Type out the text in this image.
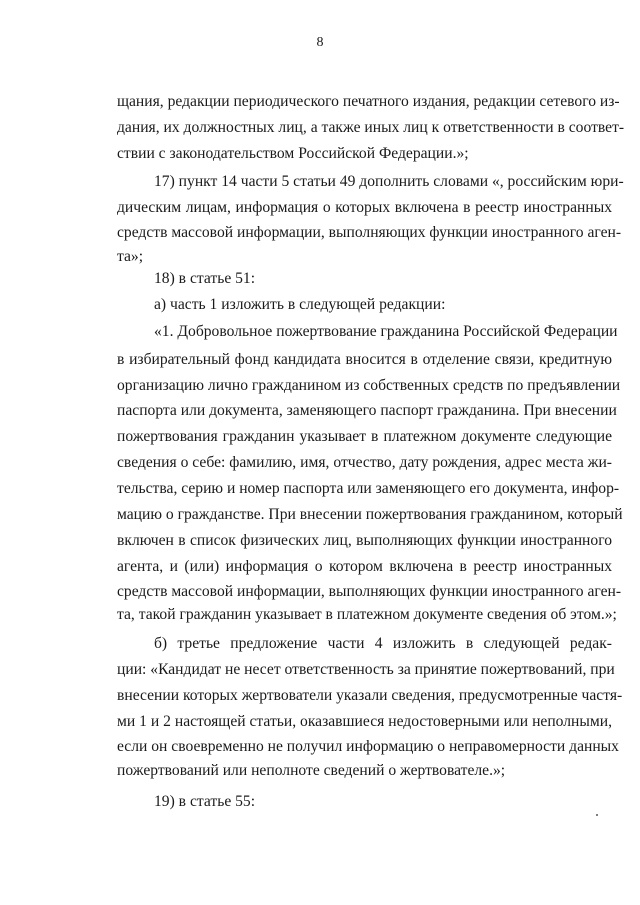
8
щания, редакции периодического печатного издания, редакции сетевого из-
дания, их должностных лиц, а также иных лиц к ответственности в соответ-
ствии с законодательством Российской Федерации.»;
17) пункт 14 части 5 статьи 49 дополнить словами «, российским юри-
дическим лицам, информация о которых включена в реестр иностранных
средств массовой информации, выполняющих функции иностранного аген-
та»;
18) в статье 51:
а) часть 1 изложить в следующей редакции:
«1. Добровольное пожертвование гражданина Российской Федерации
в избирательный фонд кандидата вносится в отделение связи, кредитную
организацию лично гражданином из собственных средств по предъявлении
паспорта или документа, заменяющего паспорт гражданина. При внесении
пожертвования гражданин указывает в платежном документе следующие
сведения о себе: фамилию, имя, отчество, дату рождения, адрес места жи-
тельства, серию и номер паспорта или заменяющего его документа, инфор-
мацию о гражданстве. При внесении пожертвования гражданином, который
включен в список физических лиц, выполняющих функции иностранного
агента, и (или) информация о котором включена в реестр иностранных
средств массовой информации, выполняющих функции иностранного аген-
та, такой гражданин указывает в платежном документе сведения об этом.»;
б) третье предложение части 4 изложить в следующей редак-
ции: «Кандидат не несет ответственность за принятие пожертвований, при
внесении которых жертвователи указали сведения, предусмотренные частя-
ми 1 и 2 настоящей статьи, оказавшиеся недостоверными или неполными,
если он своевременно не получил информацию о неправомерности данных
пожертвований или неполноте сведений о жертвователе.»;
19) в статье 55:
